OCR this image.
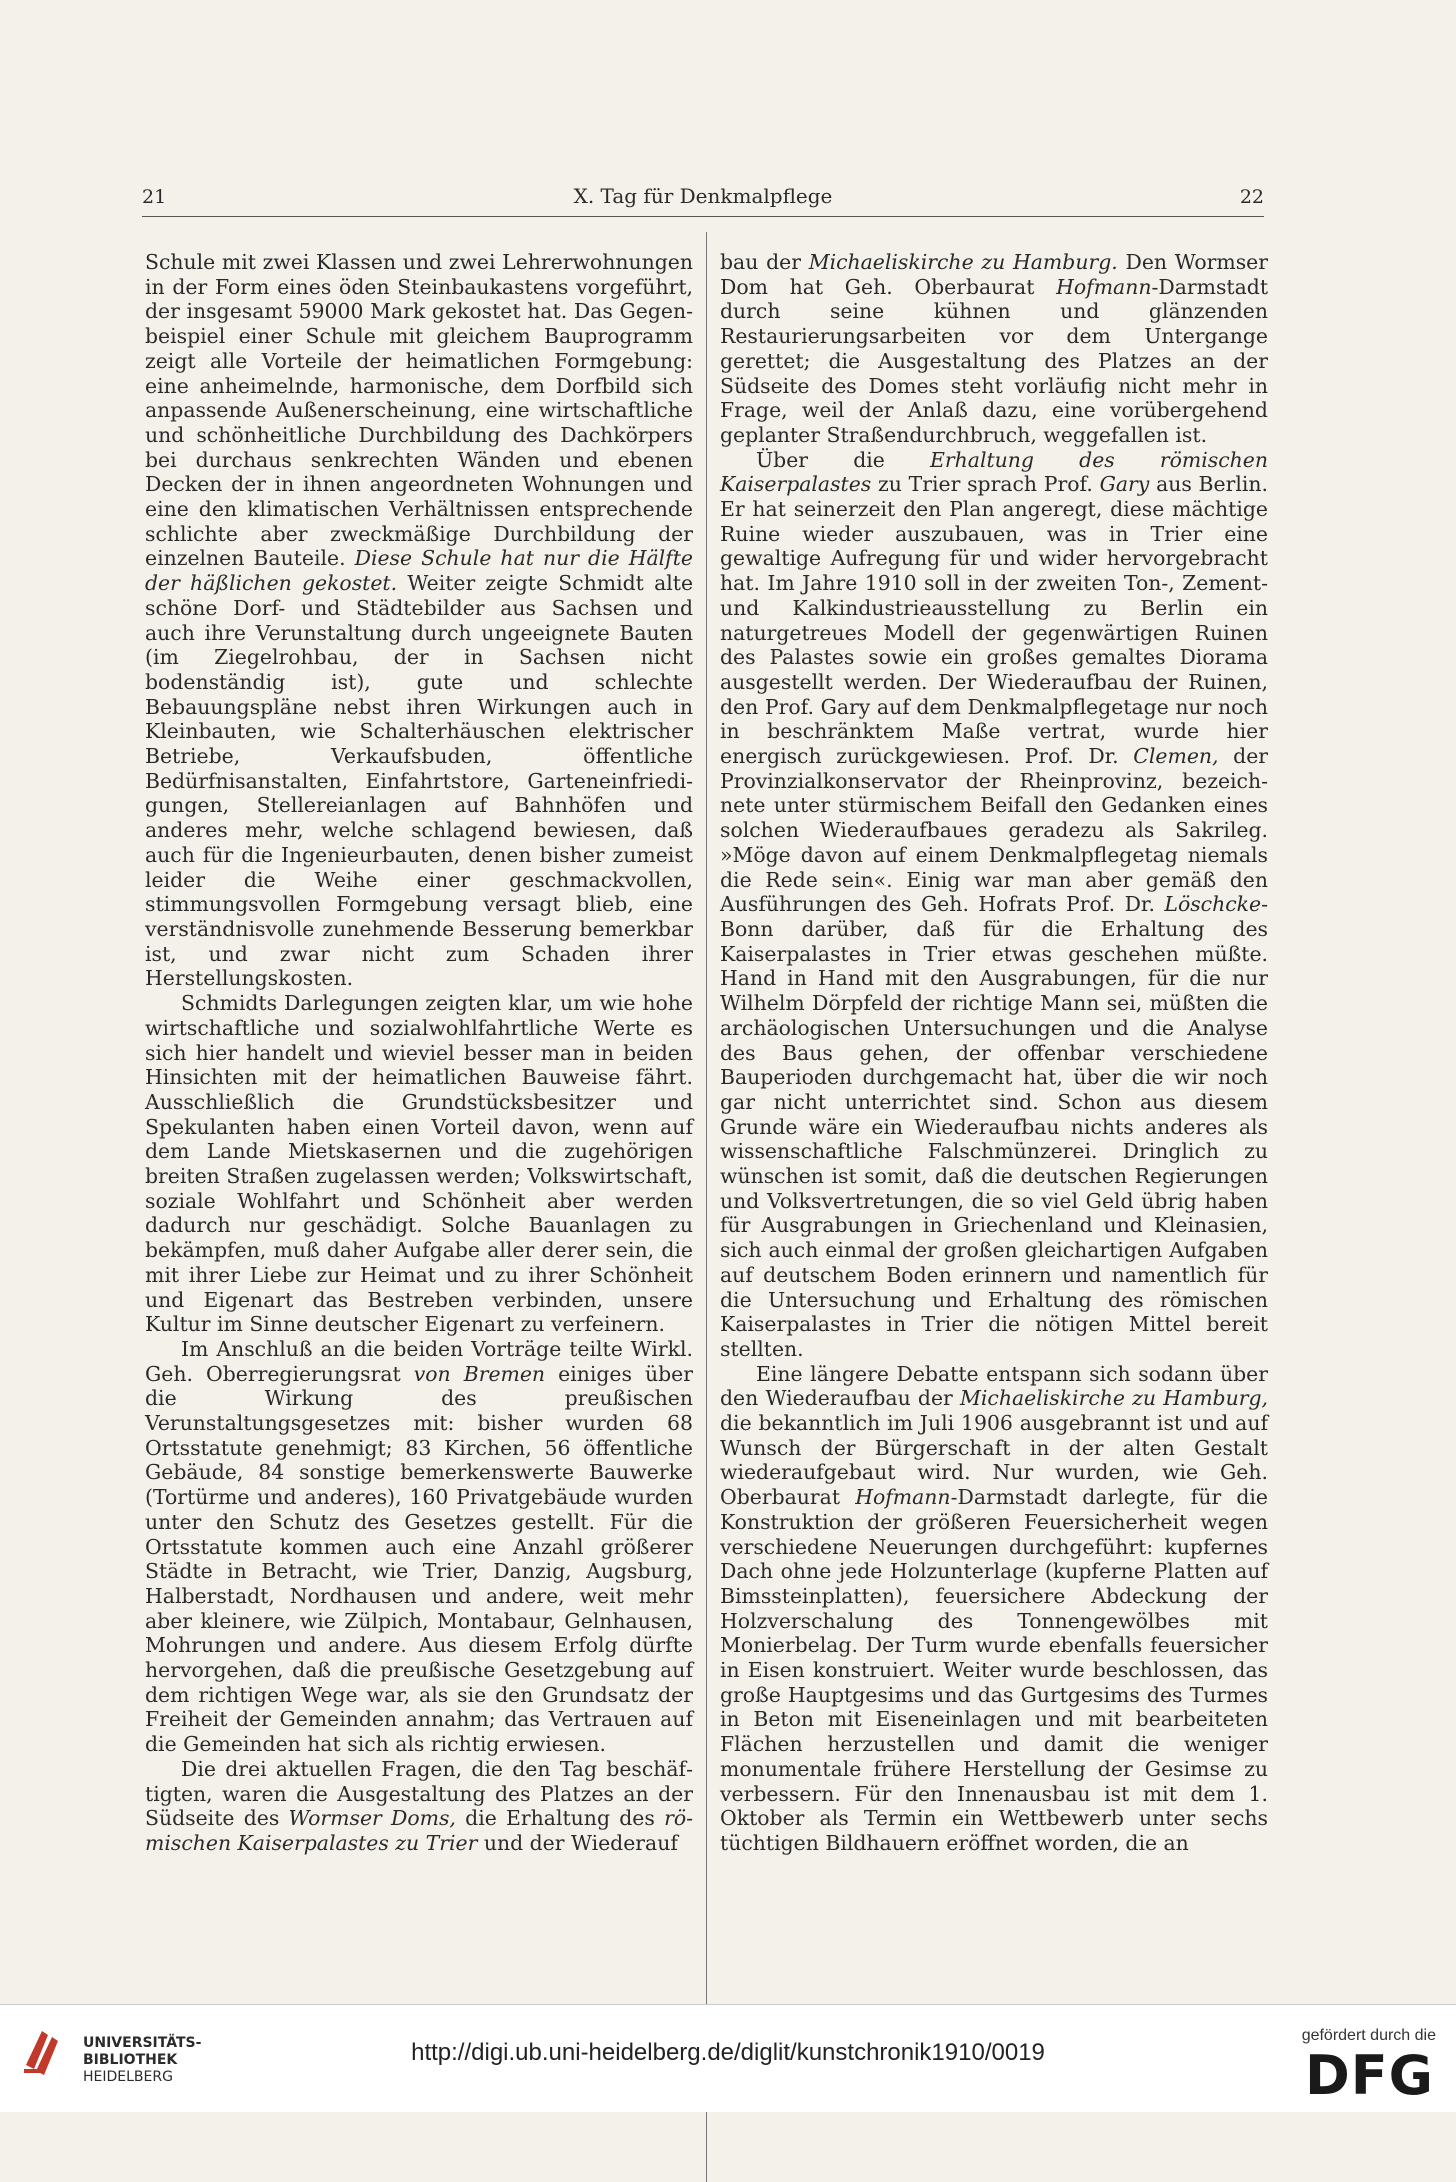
21	X. Tag für Denkmalpflege	22

Schule mit zwei Klassen und zwei Lehrerwohnungen in der Form eines öden Steinbaukastens vorgeführt, der insgesamt 59000 Mark gekostet hat. Das Gegenbeispiel einer Schule mit gleichem Bauprogramm zeigt alle Vorteile der heimatlichen Formgebung: eine anheimelnde, harmonische, dem Dorfbild sich anpassende Außenerscheinung, eine wirtschaftliche und schönheitliche Durchbildung des Dachkörpers bei durchaus senkrechten Wänden und ebenen Decken der in ihnen angeordneten Wohnungen und eine den klimatischen Verhältnissen entsprechende schlichte aber zweckmäßige Durchbildung der einzelnen Bauteile. Diese Schule hat nur die Hälfte der häßlichen gekostet. Weiter zeigte Schmidt alte schöne Dorf- und Städtebilder aus Sachsen und auch ihre Verunstaltung durch ungeeignete Bauten (im Ziegelrohbau, der in Sachsen nicht bodenständig ist), gute und schlechte Bebauungspläne nebst ihren Wirkungen auch in Kleinbauten, wie Schalterhäuschen elektrischer Betriebe, Verkaufsbuden, öffentliche Bedürfnisanstalten, Einfahrtstore, Garteneinfriedigungen, Stellereianlagen auf Bahnhöfen und anderes mehr, welche schlagend bewiesen, daß auch für die Ingenieurbauten, denen bisher zumeist leider die Weihe einer geschmackvollen, stimmungsvollen Formgebung versagt blieb, eine verständnisvolle zunehmende Besserung bemerkbar ist, und zwar nicht zum Schaden ihrer Herstellungskosten.

Schmidts Darlegungen zeigten klar, um wie hohe wirtschaftliche und sozialwohlfahrtliche Werte es sich hier handelt und wieviel besser man in beiden Hinsichten mit der heimatlichen Bauweise fährt. Ausschließlich die Grundstücksbesitzer und Spekulanten haben einen Vorteil davon, wenn auf dem Lande Mietskasernen und die zugehörigen breiten Straßen zugelassen werden; Volkswirtschaft, soziale Wohlfahrt und Schönheit aber werden dadurch nur geschädigt. Solche Bauanlagen zu bekämpfen, muß daher Aufgabe aller derer sein, die mit ihrer Liebe zur Heimat und zu ihrer Schönheit und Eigenart das Bestreben verbinden, unsere Kultur im Sinne deutscher Eigenart zu verfeinern.

Im Anschluß an die beiden Vorträge teilte Wirkl. Geh. Oberregierungsrat von Bremen einiges über die Wirkung des preußischen Verunstaltungsgesetzes mit: bisher wurden 68 Ortsstatute genehmigt; 83 Kirchen, 56 öffentliche Gebäude, 84 sonstige bemerkenswerte Bauwerke (Tortürme und anderes), 160 Privatgebäude wurden unter den Schutz des Gesetzes gestellt. Für die Ortsstatute kommen auch eine Anzahl größerer Städte in Betracht, wie Trier, Danzig, Augsburg, Halberstadt, Nordhausen und andere, weit mehr aber kleinere, wie Zülpich, Montabaur, Gelnhausen, Mohrungen und andere. Aus diesem Erfolg dürfte hervorgehen, daß die preußische Gesetzgebung auf dem richtigen Wege war, als sie den Grundsatz der Freiheit der Gemeinden annahm; das Vertrauen auf die Gemeinden hat sich als richtig erwiesen.

Die drei aktuellen Fragen, die den Tag beschäftigten, waren die Ausgestaltung des Platzes an der Südseite des Wormser Doms, die Erhaltung des römischen Kaiserpalastes zu Trier und der Wiederauf

bau der Michaeliskirche zu Hamburg. Den Wormser Dom hat Geh. Oberbaurat Hofmann-Darmstadt durch seine kühnen und glänzenden Restaurierungsarbeiten vor dem Untergange gerettet; die Ausgestaltung des Platzes an der Südseite des Domes steht vorläufig nicht mehr in Frage, weil der Anlaß dazu, eine vorübergehend geplanter Straßendurchbruch, weggefallen ist.

Über die Erhaltung des römischen Kaiserpalastes zu Trier sprach Prof. Gary aus Berlin. Er hat seinerzeit den Plan angeregt, diese mächtige Ruine wieder auszubauen, was in Trier eine gewaltige Aufregung für und wider hervorgebracht hat. Im Jahre 1910 soll in der zweiten Ton-, Zement- und Kalkindustrieausstellung zu Berlin ein naturgetreues Modell der gegenwärtigen Ruinen des Palastes sowie ein großes gemaltes Diorama ausgestellt werden. Der Wiederaufbau der Ruinen, den Prof. Gary auf dem Denkmalpflegetage nur noch in beschränktem Maße vertrat, wurde hier energisch zurückgewiesen. Prof. Dr. Clemen, der Provinzialkonservator der Rheinprovinz, bezeichnete unter stürmischem Beifall den Gedanken eines solchen Wiederaufbaues geradezu als Sakrileg. »Möge davon auf einem Denkmalpflegetag niemals die Rede sein«. Einig war man aber gemäß den Ausführungen des Geh. Hofrats Prof. Dr. Löschcke-Bonn darüber, daß für die Erhaltung des Kaiserpalastes in Trier etwas geschehen müßte. Hand in Hand mit den Ausgrabungen, für die nur Wilhelm Dörpfeld der richtige Mann sei, müßten die archäologischen Untersuchungen und die Analyse des Baus gehen, der offenbar verschiedene Bauperioden durchgemacht hat, über die wir noch gar nicht unterrichtet sind. Schon aus diesem Grunde wäre ein Wiederaufbau nichts anderes als wissenschaftliche Falschmünzerei. Dringlich zu wünschen ist somit, daß die deutschen Regierungen und Volksvertretungen, die so viel Geld übrig haben für Ausgrabungen in Griechenland und Kleinasien, sich auch einmal der großen gleichartigen Aufgaben auf deutschem Boden erinnern und namentlich für die Untersuchung und Erhaltung des römischen Kaiserpalastes in Trier die nötigen Mittel bereit stellten.

Eine längere Debatte entspann sich sodann über den Wiederaufbau der Michaeliskirche zu Hamburg, die bekanntlich im Juli 1906 ausgebrannt ist und auf Wunsch der Bürgerschaft in der alten Gestalt wiederaufgebaut wird. Nur wurden, wie Geh. Oberbaurat Hofmann-Darmstadt darlegte, für die Konstruktion der größeren Feuersicherheit wegen verschiedene Neuerungen durchgeführt: kupfernes Dach ohne jede Holzunterlage (kupferne Platten auf Bimssteinplatten), feuersichere Abdeckung der Holzverschalung des Tonnengewölbes mit Monierbelag. Der Turm wurde ebenfalls feuersicher in Eisen konstruiert. Weiter wurde beschlossen, das große Hauptgesims und das Gurtgesims des Turmes in Beton mit Eiseneinlagen und mit bearbeiteten Flächen herzustellen und damit die weniger monumentale frühere Herstellung der Gesimse zu verbessern. Für den Innenausbau ist mit dem 1. Oktober als Termin ein Wettbewerb unter sechs tüchtigen Bildhauern eröffnet worden, die an

UNIVERSITÄTS-
BIBLIOTHEK
HEIDELBERG
http://digi.ub.uni-heidelberg.de/diglit/kunstchronik1910/0019
gefördert durch die
DFG
